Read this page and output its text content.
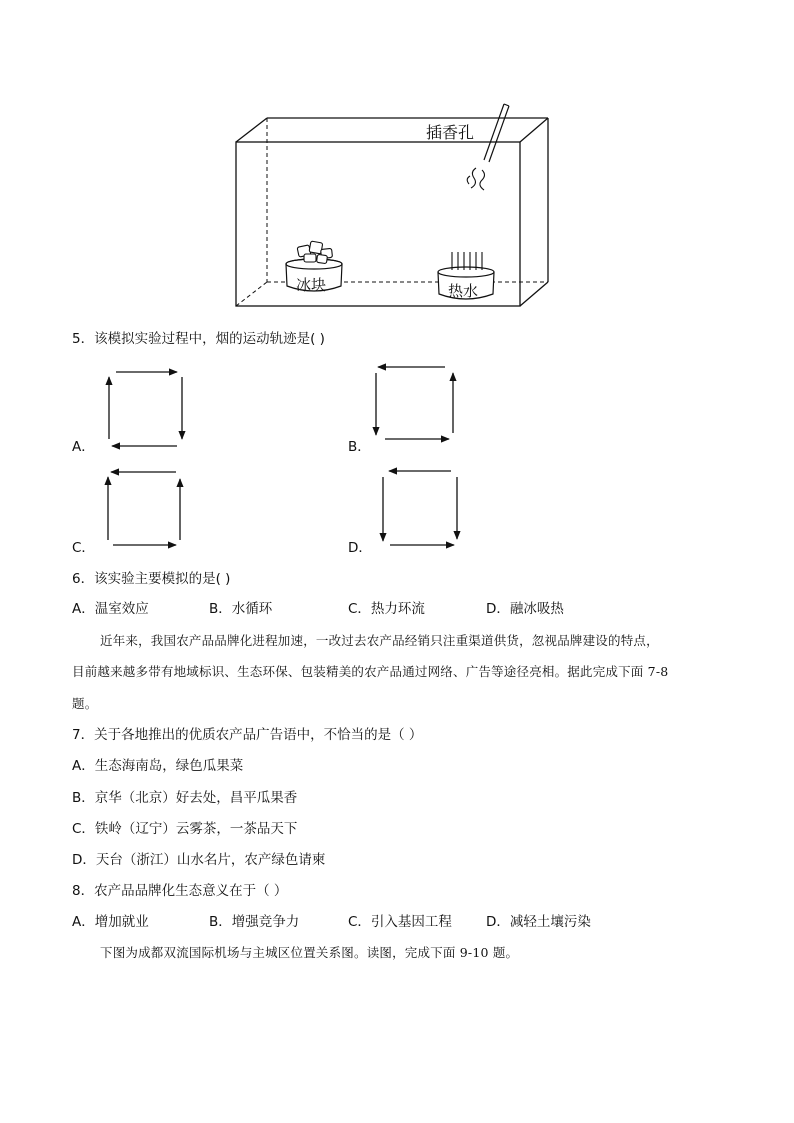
插香孔
冰块	热水
5．该模拟实验过程中，烟的运动轨迹是( )
A．	B．
C．	D．
6．该实验主要模拟的是( )
A．温室效应	B．水循环	C．热力环流	D．融冰吸热
近年来，我国农产品品牌化进程加速，一改过去农产品经销只注重渠道供货，忽视品牌建设的特点，
目前越来越多带有地域标识、生态环保、包装精美的农产品通过网络、广告等途径亮相。据此完成下面 7-8
题。
7．关于各地推出的优质农产品广告语中，不恰当的是（ ）
A．生态海南岛，绿色瓜果菜
B．京华（北京）好去处，昌平瓜果香
C．铁岭（辽宁）云雾茶，一茶品天下
D．天台（浙江）山水名片，农产绿色请柬
8．农产品品牌化生态意义在于（ ）
A．增加就业	B．增强竞争力	C．引入基因工程	D．减轻土壤污染
下图为成都双流国际机场与主城区位置关系图。读图，完成下面 9-10 题。
